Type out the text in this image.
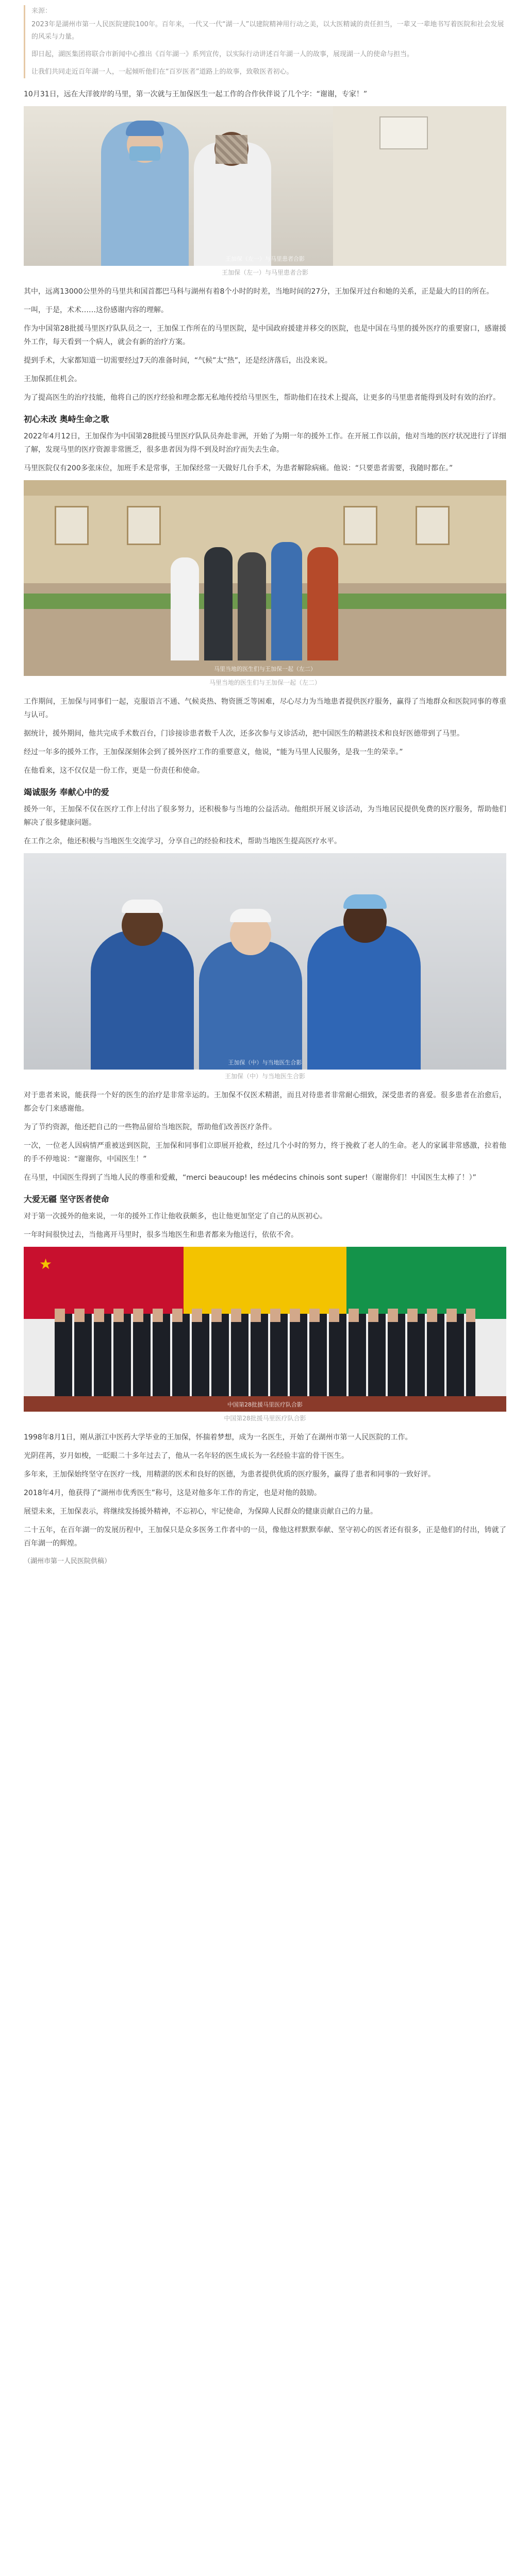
来源：

2023年是湖州市第一人民医院建院100年。百年来，一代又一代“湖一人”以建院精神用行动之美，以大医精诚的责任担当，一辈又一辈地书写着医院和社会发展的风采与力量。

即日起，湖医集团将联合市新闻中心推出《百年湖一》系列宣传，以实际行动讲述百年湖一人的故事，展现湖一人的使命与担当。

让我们共同走近百年湖一人，一起倾听他们在“百岁医者”道路上的故事，致敬医者初心。

10月31日，远在大洋彼岸的马里，第一次就与王加保医生一起工作的合作伙伴说了几个字：“谢谢，专家！”

王加保（左一）与马里患者合影
王加保（左一）与马里患者合影

其中，远离13000公里外的马里共和国首都巴马科与湖州有着8个小时的时差，当地时间的27分，王加保开过台和她的关系，正是最大的目的所在。

一叫，于是，术术……这份感谢内容的理解。

作为中国第28批援马里医疗队队员之一，王加保工作所在的马里医院，是中国政府援建并移交的医院，也是中国在马里的援外医疗的重要窗口，感谢援外工作，每天看到一个病人，就会有新的治疗方案。

提到手术，大家都知道一切需要经过7天的准备时间，“气候”太“热”，还是经济落后，出没来说。

王加保抓住机会。

为了提高医生的治疗技能，他将自己的医疗经验和理念都无私地传授给马里医生，帮助他们在技术上提高，让更多的马里患者能得到及时有效的治疗。

初心未改 奥峙生命之歌

2022年4月12日，王加保作为中国第28批援马里医疗队队员奔赴非洲，开始了为期一年的援外工作。在开展工作以前，他对当地的医疗状况进行了详细了解，发现马里的医疗资源非常匮乏，很多患者因为得不到及时治疗而失去生命。

马里医院仅有200多张床位，加班手术是常事，王加保经常一天做好几台手术，为患者解除病痛。他说：“只要患者需要，我随时都在。”

马里当地的医生们与王加保一起（左二）
马里当地的医生们与王加保一起（左二）

工作期间，王加保与同事们一起，克服语言不通、气候炎热、物资匮乏等困难，尽心尽力为当地患者提供医疗服务，赢得了当地群众和医院同事的尊重与认可。

据统计，援外期间，他共完成手术数百台，门诊接诊患者数千人次，还多次参与义诊活动，把中国医生的精湛技术和良好医德带到了马里。

经过一年多的援外工作，王加保深刻体会到了援外医疗工作的重要意义，他说，“能为马里人民服务，是我一生的荣幸。”

在他看来，这不仅仅是一份工作，更是一份责任和使命。

竭诚服务 奉献心中的爱

援外一年，王加保不仅在医疗工作上付出了很多努力，还积极参与当地的公益活动。他组织开展义诊活动，为当地居民提供免费的医疗服务，帮助他们解决了很多健康问题。

在工作之余，他还积极与当地医生交流学习，分享自己的经验和技术，帮助当地医生提高医疗水平。

王加保（中）与当地医生合影
王加保（中）与当地医生合影

对于患者来说，能获得一个好的医生的治疗是非常幸运的。王加保不仅医术精湛，而且对待患者非常耐心细致，深受患者的喜爱。很多患者在治愈后，都会专门来感谢他。

为了节约资源，他还把自己的一些物品留给当地医院，帮助他们改善医疗条件。

一次，一位老人因病情严重被送到医院，王加保和同事们立即展开抢救，经过几个小时的努力，终于挽救了老人的生命。老人的家属非常感激，拉着他的手不停地说：“谢谢你，中国医生！”

在马里，中国医生得到了当地人民的尊重和爱戴，“merci beaucoup! les médecins chinois sont super!（谢谢你们！中国医生太棒了！）”

大爱无疆 坚守医者使命

对于第一次援外的他来说，一年的援外工作让他收获颇多，也让他更加坚定了自己的从医初心。

一年时间很快过去，当他离开马里时，很多当地医生和患者都来为他送行，依依不舍。

★
中国第28批援马里医疗队合影
中国第28批援马里医疗队合影

1998年8月1日，刚从浙江中医药大学毕业的王加保，怀揣着梦想，成为一名医生，开始了在湖州市第一人民医院的工作。

光阴荏苒，岁月如梭，一眨眼二十多年过去了，他从一名年轻的医生成长为一名经验丰富的骨干医生。

多年来，王加保始终坚守在医疗一线，用精湛的医术和良好的医德，为患者提供优质的医疗服务，赢得了患者和同事的一致好评。

2018年4月，他获得了“湖州市优秀医生”称号，这是对他多年工作的肯定，也是对他的鼓励。

展望未来，王加保表示，将继续发扬援外精神，不忘初心，牢记使命，为保障人民群众的健康贡献自己的力量。

二十五年，在百年湖一的发展历程中，王加保只是众多医务工作者中的一员，像他这样默默奉献、坚守初心的医者还有很多，正是他们的付出，铸就了百年湖一的辉煌。

（湖州市第一人民医院供稿）
